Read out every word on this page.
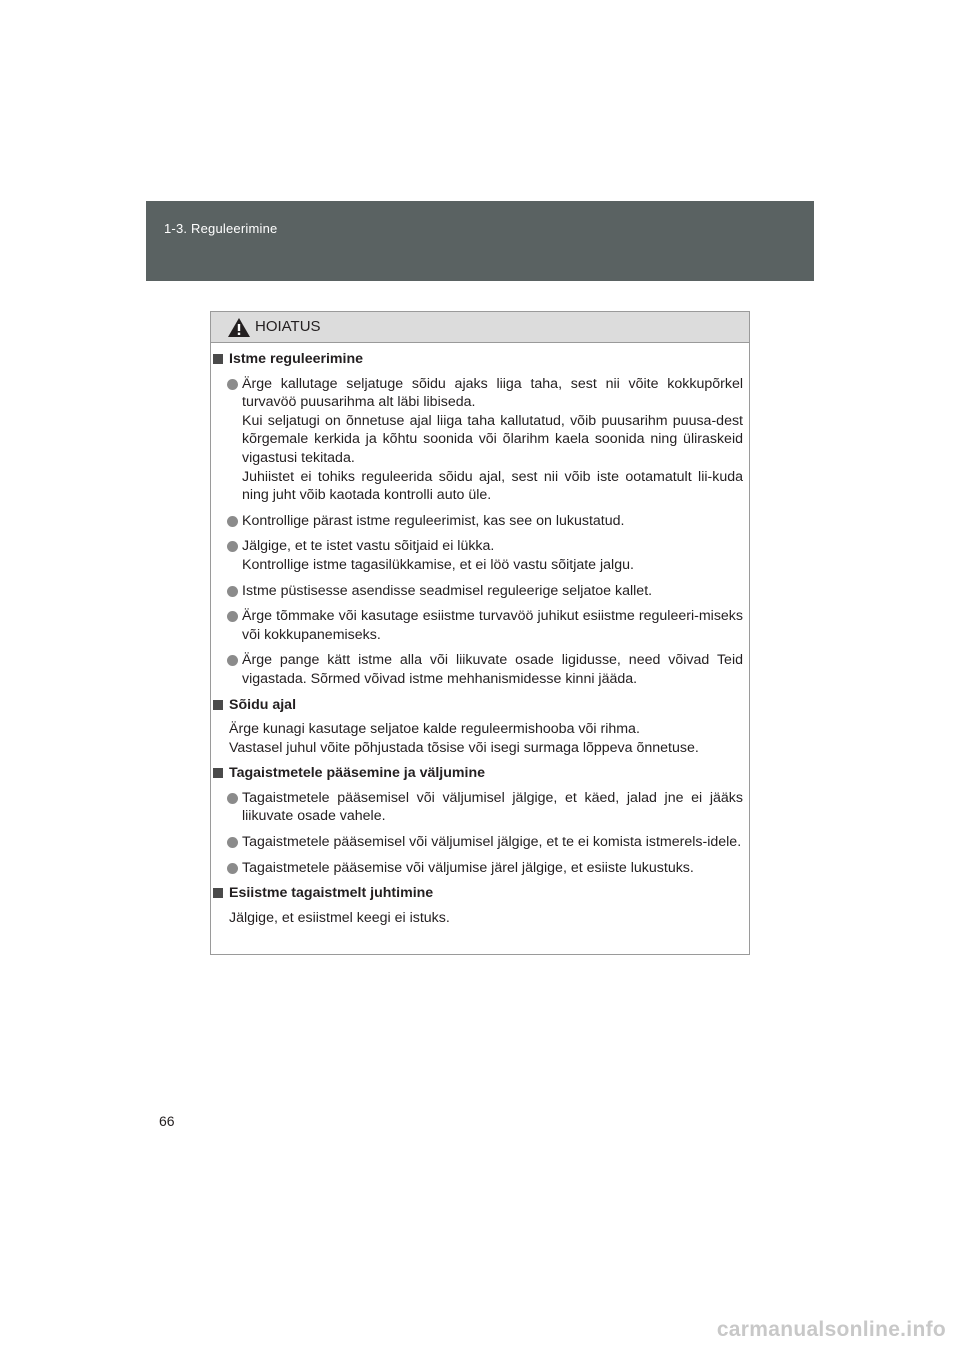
1-3. Reguleerimine
HOIATUS
Istme reguleerimine
Ärge kallutage seljatuge sõidu ajaks liiga taha, sest nii võite kokkupõrkel turvavöö puusarihma alt läbi libiseda.
Kui seljatugi on õnnetuse ajal liiga taha kallutatud, võib puusarihm puusa-dest kõrgemale kerkida ja kõhtu soonida või õlarihm kaela soonida ning üliraskeid vigastusi tekitada.
Juhiistet ei tohiks reguleerida sõidu ajal, sest nii võib iste ootamatult lii-kuda ning juht võib kaotada kontrolli auto üle.
Kontrollige pärast istme reguleerimist, kas see on lukustatud.
Jälgige, et te istet vastu sõitjaid ei lükka.
Kontrollige istme tagasilükkamise, et ei löö vastu sõitjate jalgu.
Istme püstisesse asendisse seadmisel reguleerige seljatoe kallet.
Ärge tõmmake või kasutage esiistme turvavöö juhikut esiistme reguleeri-miseks või kokkupanemiseks.
Ärge pange kätt istme alla või liikuvate osade ligidusse, need võivad Teid vigastada. Sõrmed võivad istme mehhanismidesse kinni jääda.
Sõidu ajal
Ärge kunagi kasutage seljatoe kalde reguleermishooba või rihma.
Vastasel juhul võite põhjustada tõsise või isegi surmaga lõppeva õnnetuse.
Tagaistmetele pääsemine ja väljumine
Tagaistmetele pääsemisel või väljumisel jälgige, et käed, jalad jne ei jääks liikuvate osade vahele.
Tagaistmetele pääsemisel või väljumisel jälgige, et te ei komista istmerels-idele.
Tagaistmetele pääsemise või väljumise järel jälgige, et esiiste lukustuks.
Esiistme tagaistmelt juhtimine
Jälgige, et esiistmel keegi ei istuks.
66
carmanualsonline.info
